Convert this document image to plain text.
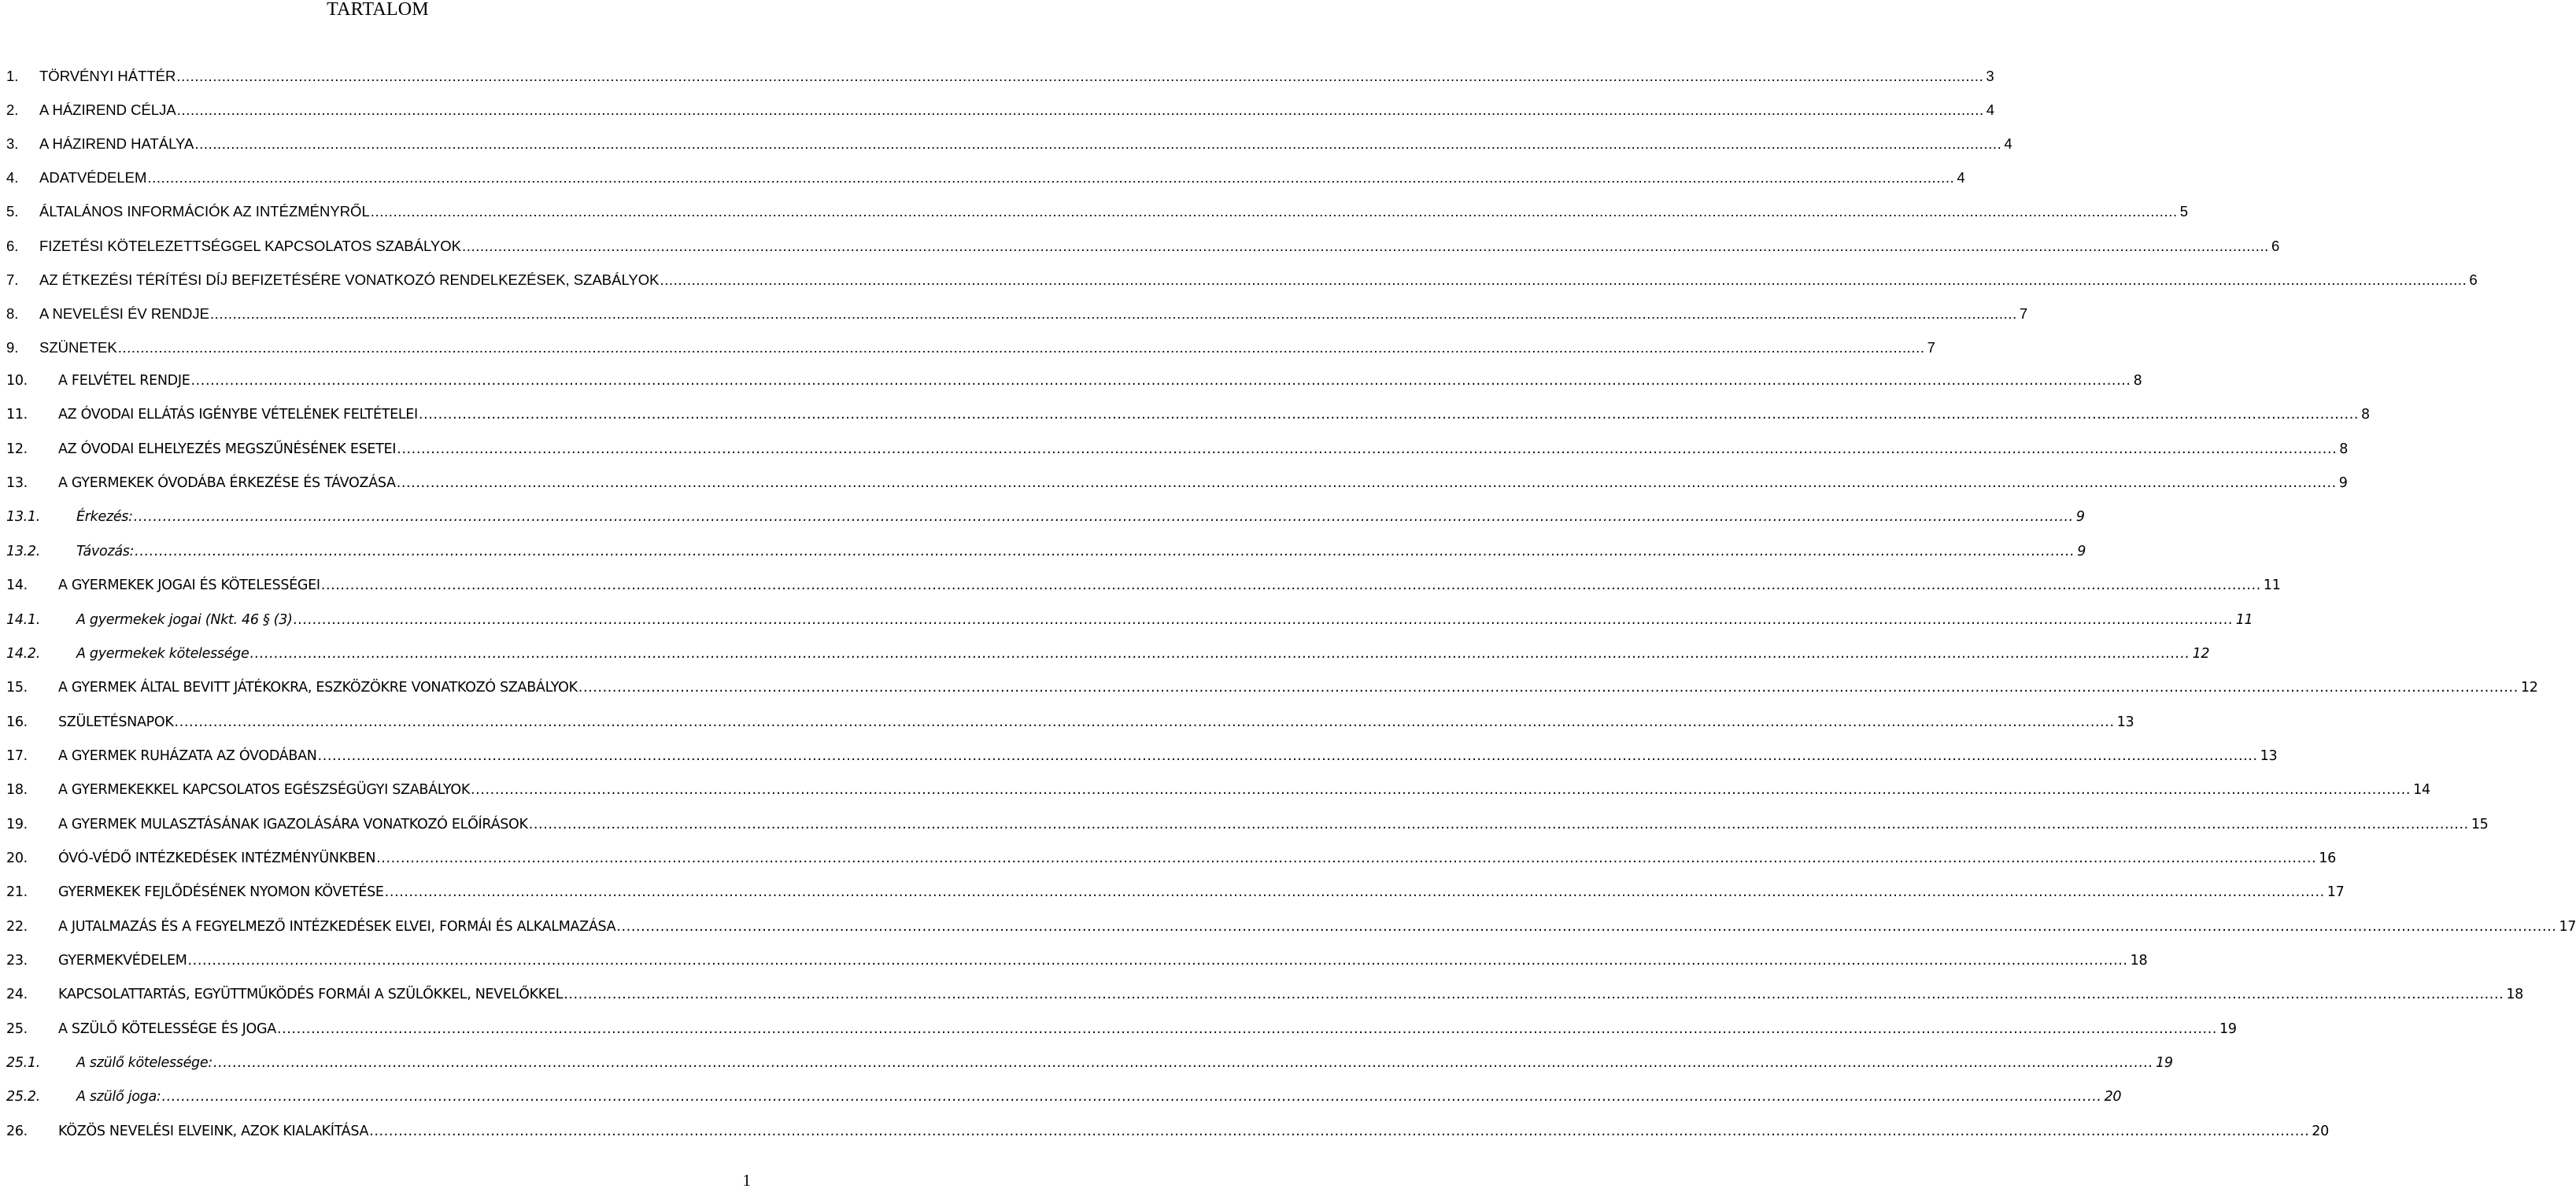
TARTALOM
1.	TÖRVÉNYI HÁTTÉR ................................................................................................................................................................................................................................................................................................................................................................................................................ 3
2.	A HÁZIREND CÉLJA ................................................................................................................................................................................................................................................................................................................................................................................................................ 4
3.	A HÁZIREND HATÁLYA ................................................................................................................................................................................................................................................................................................................................................................................................................ 4
4.	ADATVÉDELEM ................................................................................................................................................................................................................................................................................................................................................................................................................ 4
5.	ÁLTALÁNOS INFORMÁCIÓK AZ INTÉZMÉNYRŐL ................................................................................................................................................................................................................................................................................................................................................................................................................ 5
6.	FIZETÉSI KÖTELEZETTSÉGGEL KAPCSOLATOS SZABÁLYOK ................................................................................................................................................................................................................................................................................................................................................................................................................ 6
7.	AZ ÉTKEZÉSI TÉRÍTÉSI DÍJ BEFIZETÉSÉRE VONATKOZÓ RENDELKEZÉSEK, SZABÁLYOK ................................................................................................................................................................................................................................................................................................................................................................................................................ 6
8.	A NEVELÉSI ÉV RENDJE ................................................................................................................................................................................................................................................................................................................................................................................................................ 7
9.	SZÜNETEK ................................................................................................................................................................................................................................................................................................................................................................................................................ 7
10.	A FELVÉTEL RENDJE ................................................................................................................................................................................................................................................................................................................................................................................................................ 8
11.	AZ ÓVODAI ELLÁTÁS IGÉNYBE VÉTELÉNEK FELTÉTELEI ................................................................................................................................................................................................................................................................................................................................................................................................................ 8
12.	AZ ÓVODAI ELHELYEZÉS MEGSZŰNÉSÉNEK ESETEI ................................................................................................................................................................................................................................................................................................................................................................................................................ 8
13.	A GYERMEKEK ÓVODÁBA ÉRKEZÉSE ÉS TÁVOZÁSA ................................................................................................................................................................................................................................................................................................................................................................................................................ 9
13.1.	Érkezés: ................................................................................................................................................................................................................................................................................................................................................................................................................ 9
13.2.	Távozás: ................................................................................................................................................................................................................................................................................................................................................................................................................ 9
14.	A GYERMEKEK JOGAI ÉS KÖTELESSÉGEI ................................................................................................................................................................................................................................................................................................................................................................................................................ 11
14.1.	A gyermekek jogai (Nkt. 46 § (3) ................................................................................................................................................................................................................................................................................................................................................................................................................ 11
14.2.	A gyermekek kötelessége ................................................................................................................................................................................................................................................................................................................................................................................................................ 12
15.	A GYERMEK ÁLTAL BEVITT JÁTÉKOKRA, ESZKÖZÖKRE VONATKOZÓ SZABÁLYOK ................................................................................................................................................................................................................................................................................................................................................................................................................ 12
16.	SZÜLETÉSNAPOK ................................................................................................................................................................................................................................................................................................................................................................................................................ 13
17.	A GYERMEK RUHÁZATA AZ ÓVODÁBAN ................................................................................................................................................................................................................................................................................................................................................................................................................ 13
18.	A GYERMEKEKKEL KAPCSOLATOS EGÉSZSÉGÜGYI SZABÁLYOK ................................................................................................................................................................................................................................................................................................................................................................................................................ 14
19.	A GYERMEK MULASZTÁSÁNAK IGAZOLÁSÁRA VONATKOZÓ ELŐÍRÁSOK ................................................................................................................................................................................................................................................................................................................................................................................................................ 15
20.	ÓVÓ-VÉDŐ INTÉZKEDÉSEK INTÉZMÉNYÜNKBEN ................................................................................................................................................................................................................................................................................................................................................................................................................ 16
21.	GYERMEKEK FEJLŐDÉSÉNEK NYOMON KÖVETÉSE ................................................................................................................................................................................................................................................................................................................................................................................................................ 17
22.	A JUTALMAZÁS ÉS A FEGYELMEZŐ INTÉZKEDÉSEK ELVEI, FORMÁI ÉS ALKALMAZÁSA ................................................................................................................................................................................................................................................................................................................................................................................................................ 17
23.	GYERMEKVÉDELEM ................................................................................................................................................................................................................................................................................................................................................................................................................ 18
24.	KAPCSOLATTARTÁS, EGYÜTTMŰKÖDÉS FORMÁI A SZÜLŐKKEL, NEVELŐKKEL ................................................................................................................................................................................................................................................................................................................................................................................................................ 18
25.	A SZÜLŐ KÖTELESSÉGE ÉS JOGA ................................................................................................................................................................................................................................................................................................................................................................................................................ 19
25.1.	A szülő kötelessége: ................................................................................................................................................................................................................................................................................................................................................................................................................ 19
25.2.	A szülő joga: ................................................................................................................................................................................................................................................................................................................................................................................................................ 20
26.	KÖZÖS NEVELÉSI ELVEINK, AZOK KIALAKÍTÁSA ................................................................................................................................................................................................................................................................................................................................................................................................................ 20
1
